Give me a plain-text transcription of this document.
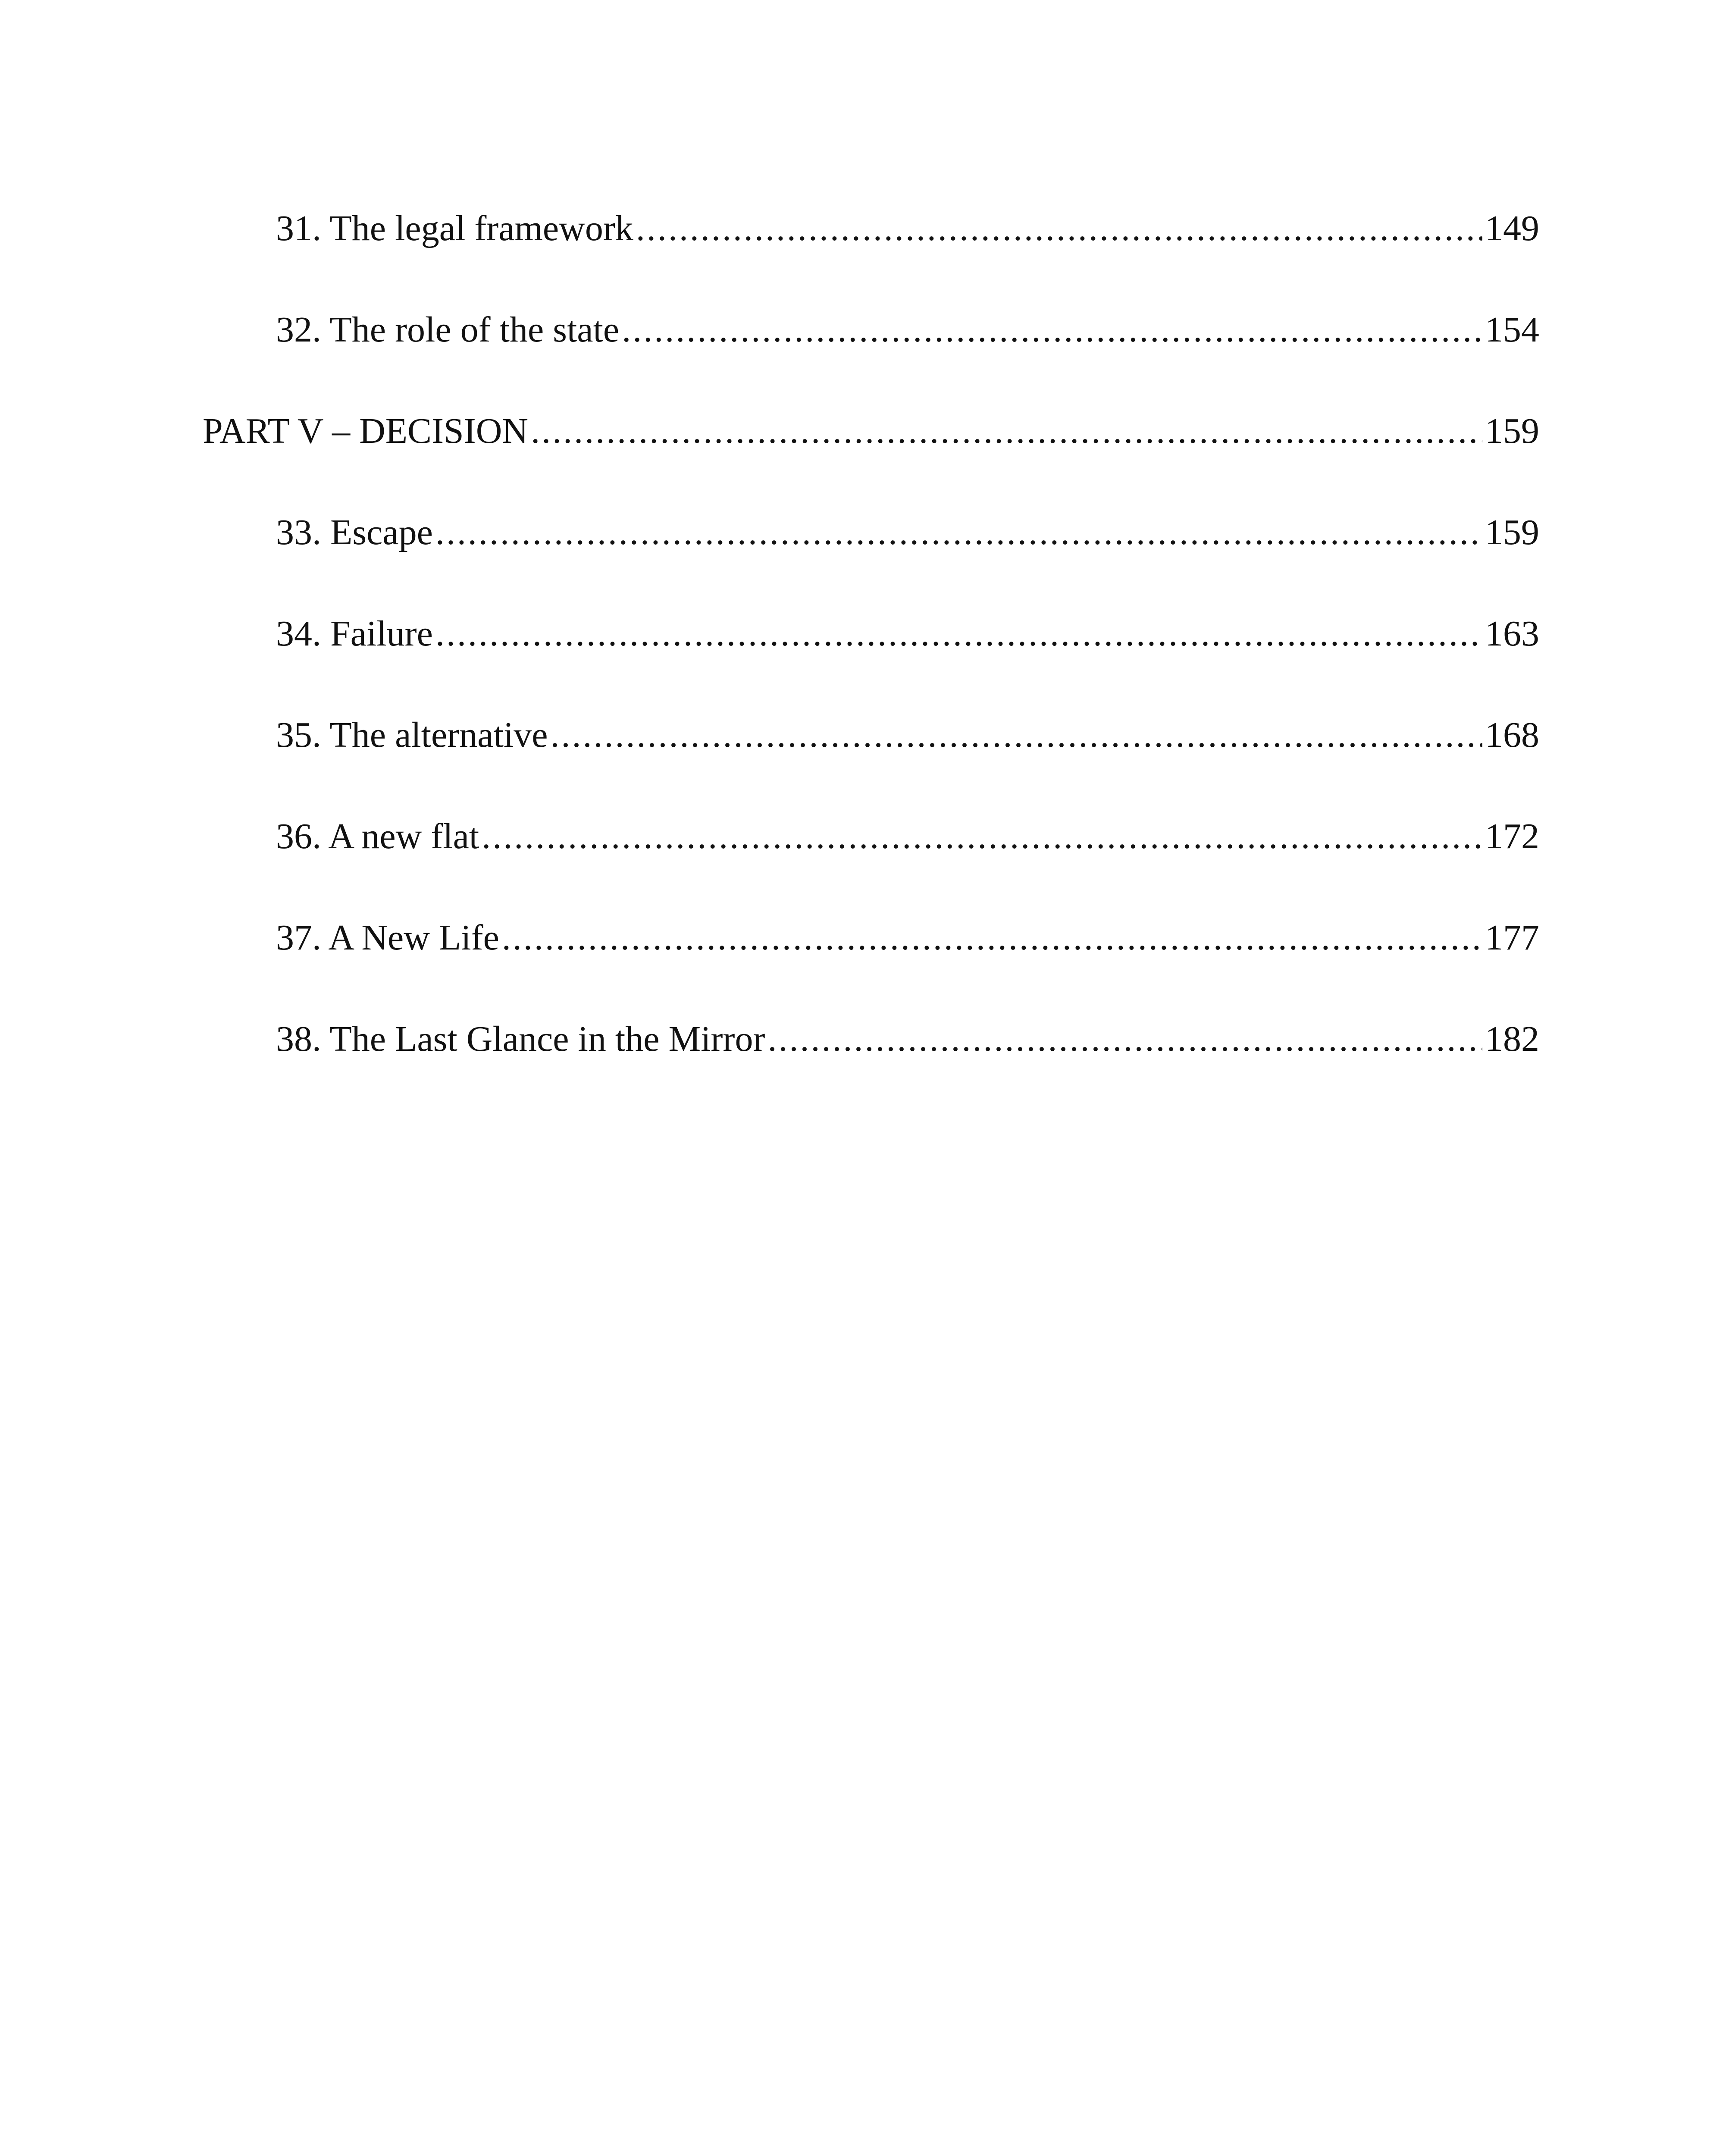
31. The legal framework .....	149
32. The role of the state .....	154
PART V – DECISION .....	159
33. Escape .....	159
34. Failure .....	163
35. The alternative .....	168
36. A new flat .....	172
37. A New Life .....	177
38. The Last Glance in the Mirror .....	182
